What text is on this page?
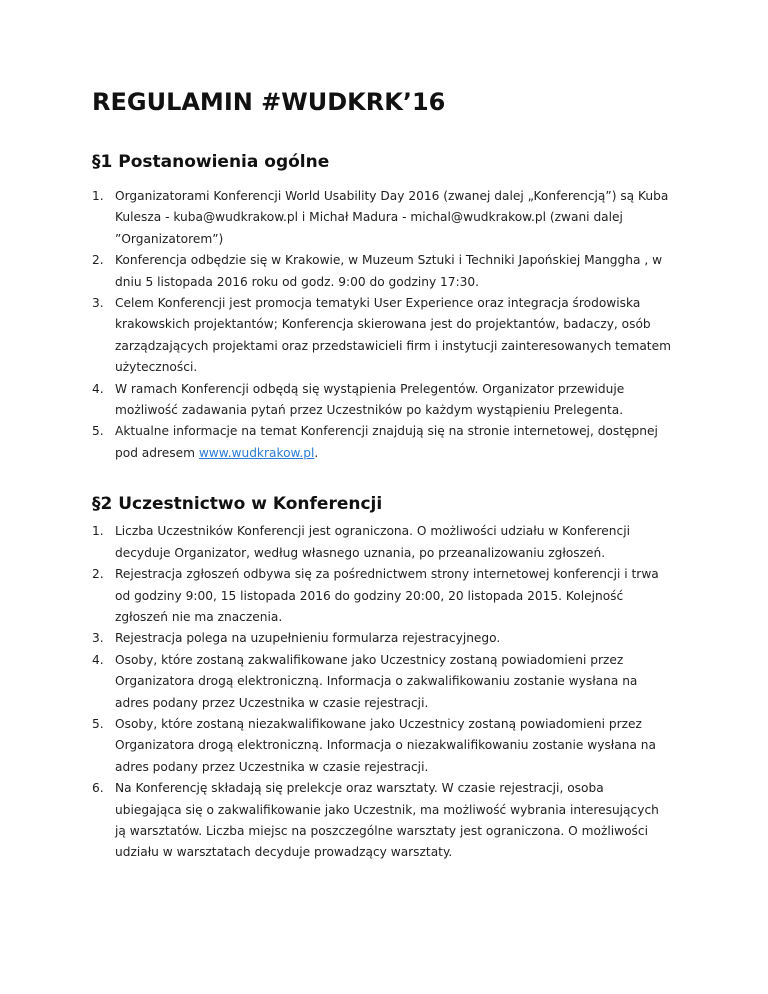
REGULAMIN #WUDKRK’16
§1 Postanowienia ogólne
1. Organizatorami Konferencji World Usability Day 2016 (zwanej dalej „Konferencją”) są Kuba Kulesza - kuba@wudkrakow.pl i Michał Madura - michal@wudkrakow.pl (zwani dalej ”Organizatorem”)
2. Konferencja odbędzie się w Krakowie, w Muzeum Sztuki i Techniki Japońskiej Manggha , w dniu 5 listopada 2016 roku od godz. 9:00 do godziny 17:30.
3. Celem Konferencji jest promocja tematyki User Experience oraz integracja środowiska krakowskich projektantów; Konferencja skierowana jest do projektantów, badaczy, osób zarządzających projektami oraz przedstawicieli firm i instytucji zainteresowanych tematem użyteczności.
4. W ramach Konferencji odbędą się wystąpienia Prelegentów. Organizator przewiduje możliwość zadawania pytań przez Uczestników po każdym wystąpieniu Prelegenta.
5. Aktualne informacje na temat Konferencji znajdują się na stronie internetowej, dostępnej pod adresem www.wudkrakow.pl.
§2 Uczestnictwo w Konferencji
1. Liczba Uczestników Konferencji jest ograniczona. O możliwości udziału w Konferencji decyduje Organizator, według własnego uznania, po przeanalizowaniu zgłoszeń.
2. Rejestracja zgłoszeń odbywa się za pośrednictwem strony internetowej konferencji i trwa od godziny 9:00, 15 listopada 2016 do godziny 20:00, 20 listopada 2015. Kolejność zgłoszeń nie ma znaczenia.
3. Rejestracja polega na uzupełnieniu formularza rejestracyjnego.
4. Osoby, które zostaną zakwalifikowane jako Uczestnicy zostaną powiadomieni przez Organizatora drogą elektroniczną. Informacja o zakwalifikowaniu zostanie wysłana na adres podany przez Uczestnika w czasie rejestracji.
5. Osoby, które zostaną niezakwalifikowane jako Uczestnicy zostaną powiadomieni przez Organizatora drogą elektroniczną. Informacja o niezakwalifikowaniu zostanie wysłana na adres podany przez Uczestnika w czasie rejestracji.
6. Na Konferencję składają się prelekcje oraz warsztaty. W czasie rejestracji, osoba ubiegająca się o zakwalifikowanie jako Uczestnik, ma możliwość wybrania interesujących ją warsztatów. Liczba miejsc na poszczególne warsztaty jest ograniczona. O możliwości udziału w warsztatach decyduje prowadzący warsztaty.
